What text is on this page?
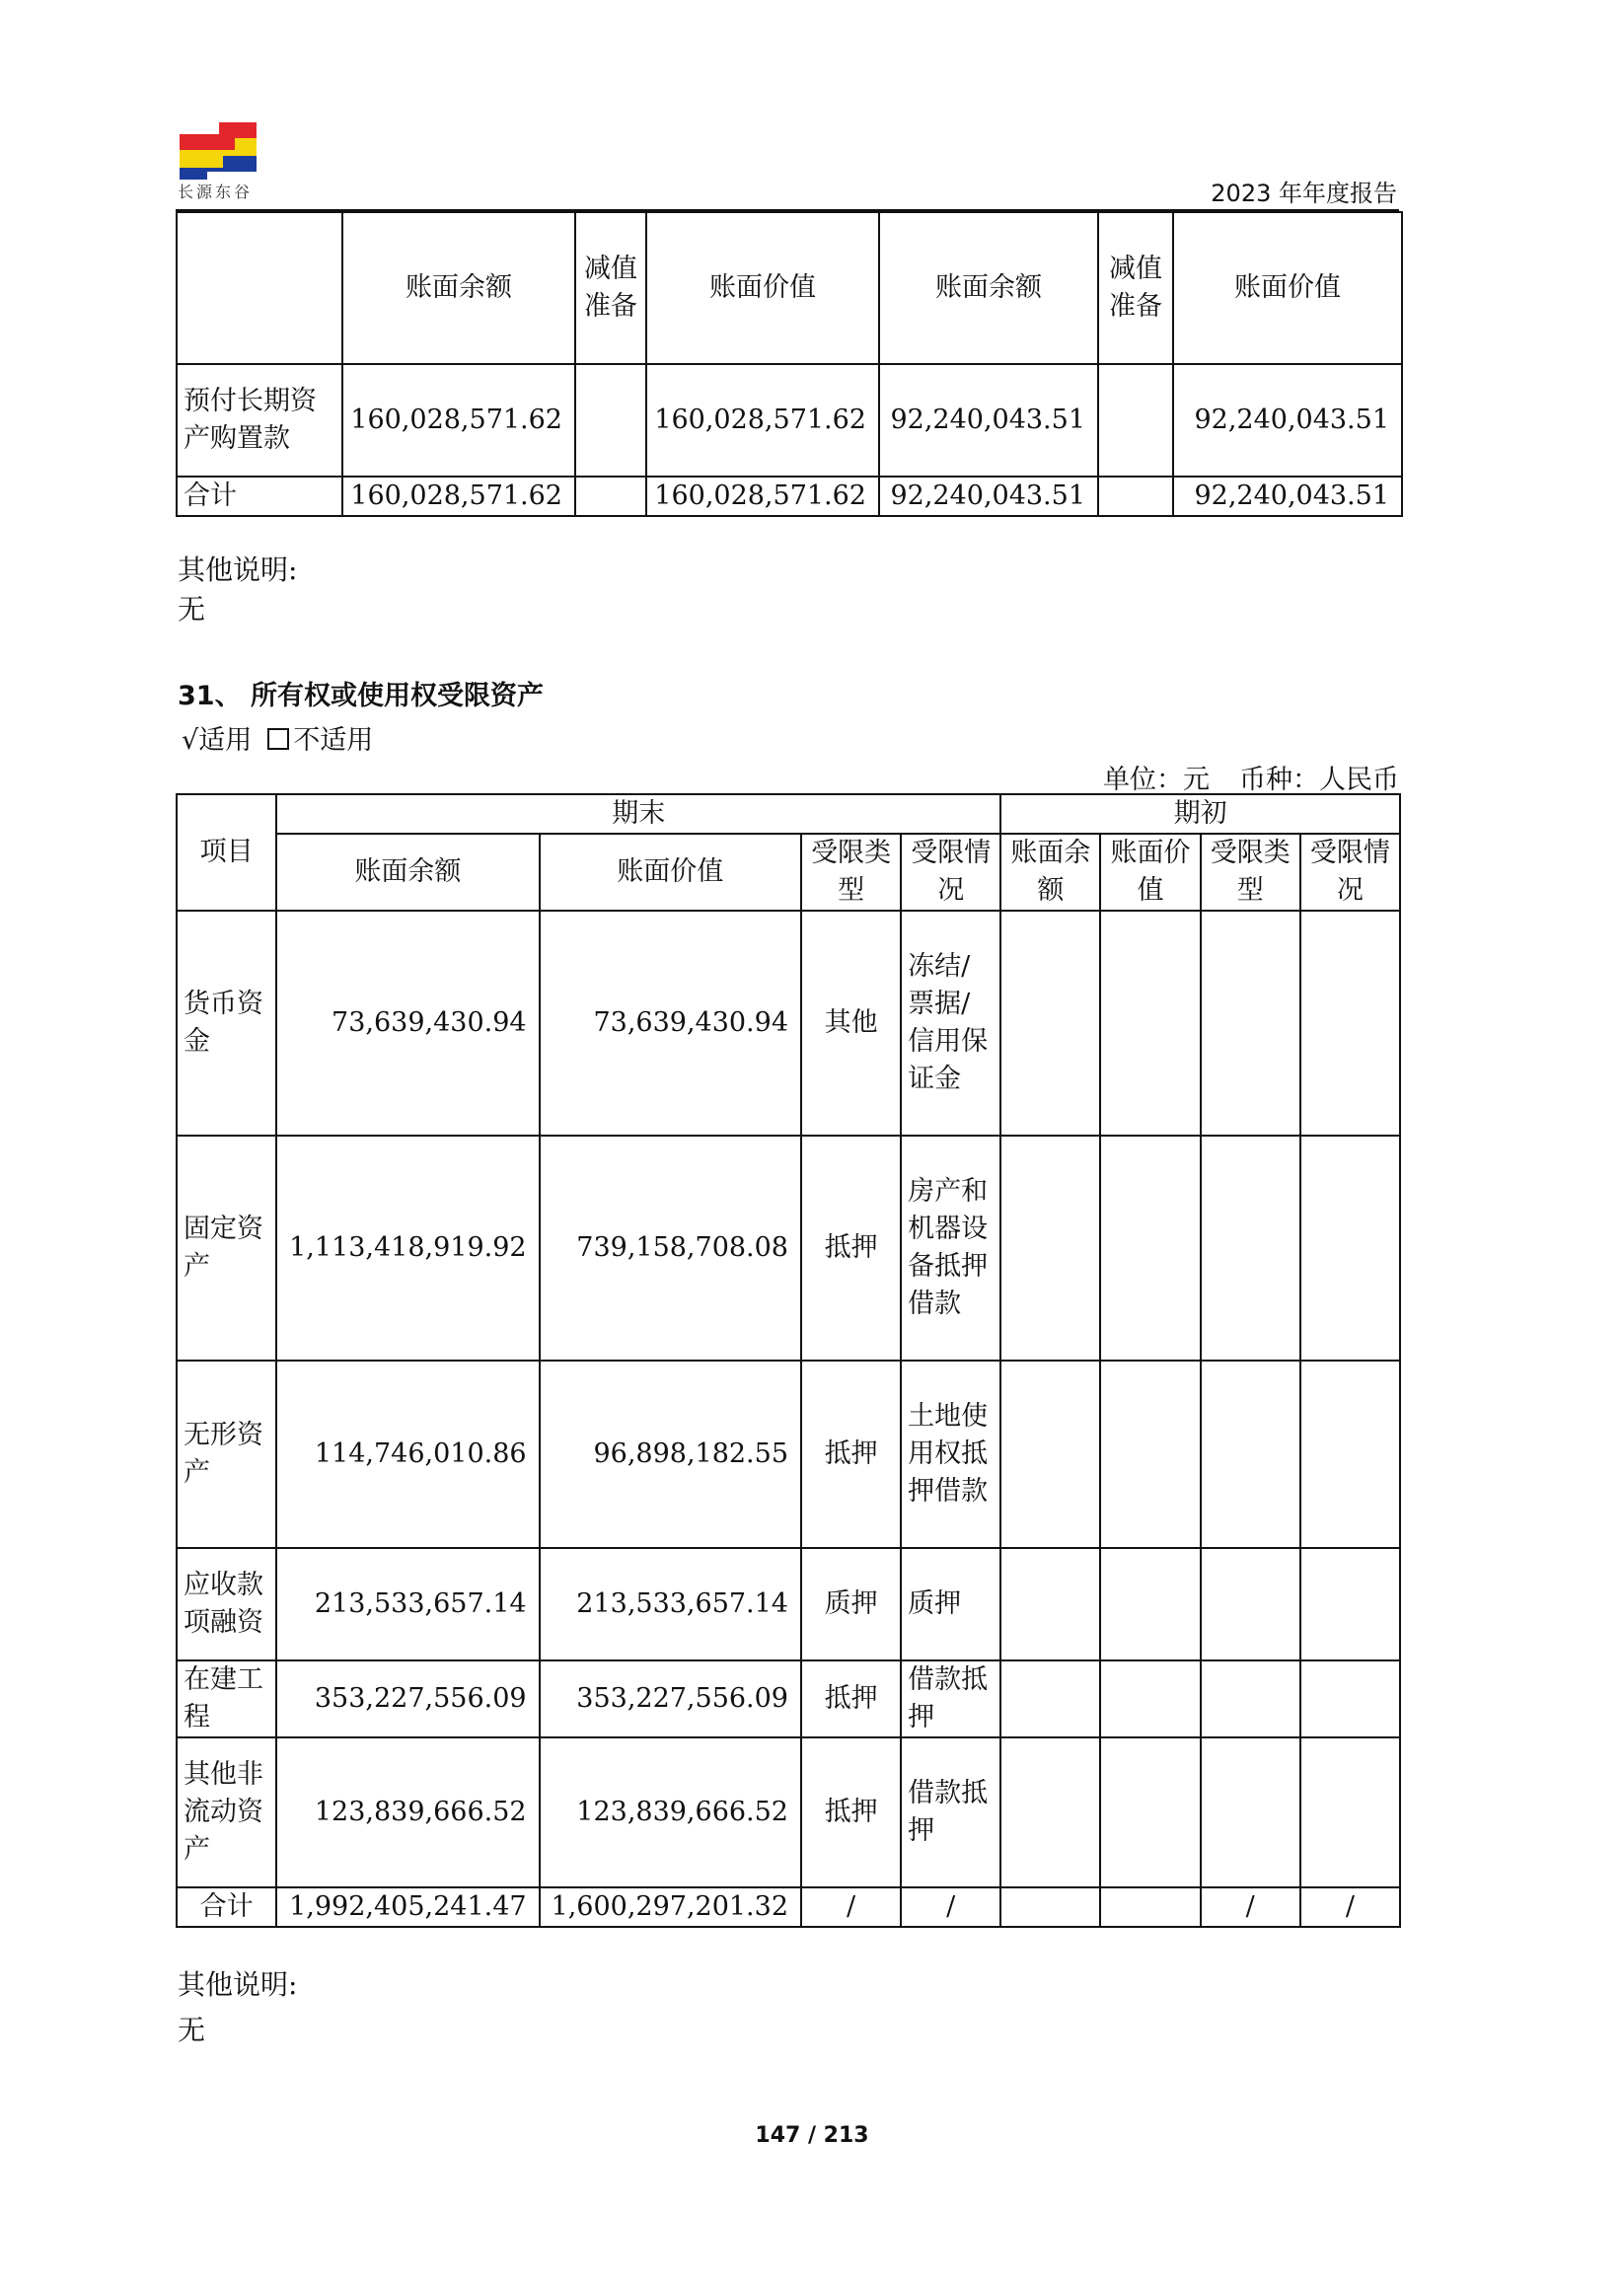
长源东谷	2023 年年度报告
	账面余额	减值准备	账面价值	账面余额	减值准备	账面价值
预付长期资产购置款	160,028,571.62		160,028,571.62	92,240,043.51		92,240,043.51
合计	160,028,571.62		160,028,571.62	92,240,043.51		92,240,043.51
其他说明:
无
31、 所有权或使用权受限资产
√适用 不适用
单位：元 币种：人民币
项目	期末				期初			
	账面余额	账面价值	受限类型	受限情况	账面余额	账面价值	受限类型	受限情况
货币资金	73,639,430.94	73,639,430.94	其他	冻结/票据/信用保证金				
固定资产	1,113,418,919.92	739,158,708.08	抵押	房产和机器设备抵押借款				
无形资产	114,746,010.86	96,898,182.55	抵押	土地使用权抵押借款				
应收款项融资	213,533,657.14	213,533,657.14	质押	质押				
在建工程	353,227,556.09	353,227,556.09	抵押	借款抵押				
其他非流动资产	123,839,666.52	123,839,666.52	抵押	借款抵押				
合计	1,992,405,241.47	1,600,297,201.32	/	/			/	/
其他说明:
无
147 / 213
